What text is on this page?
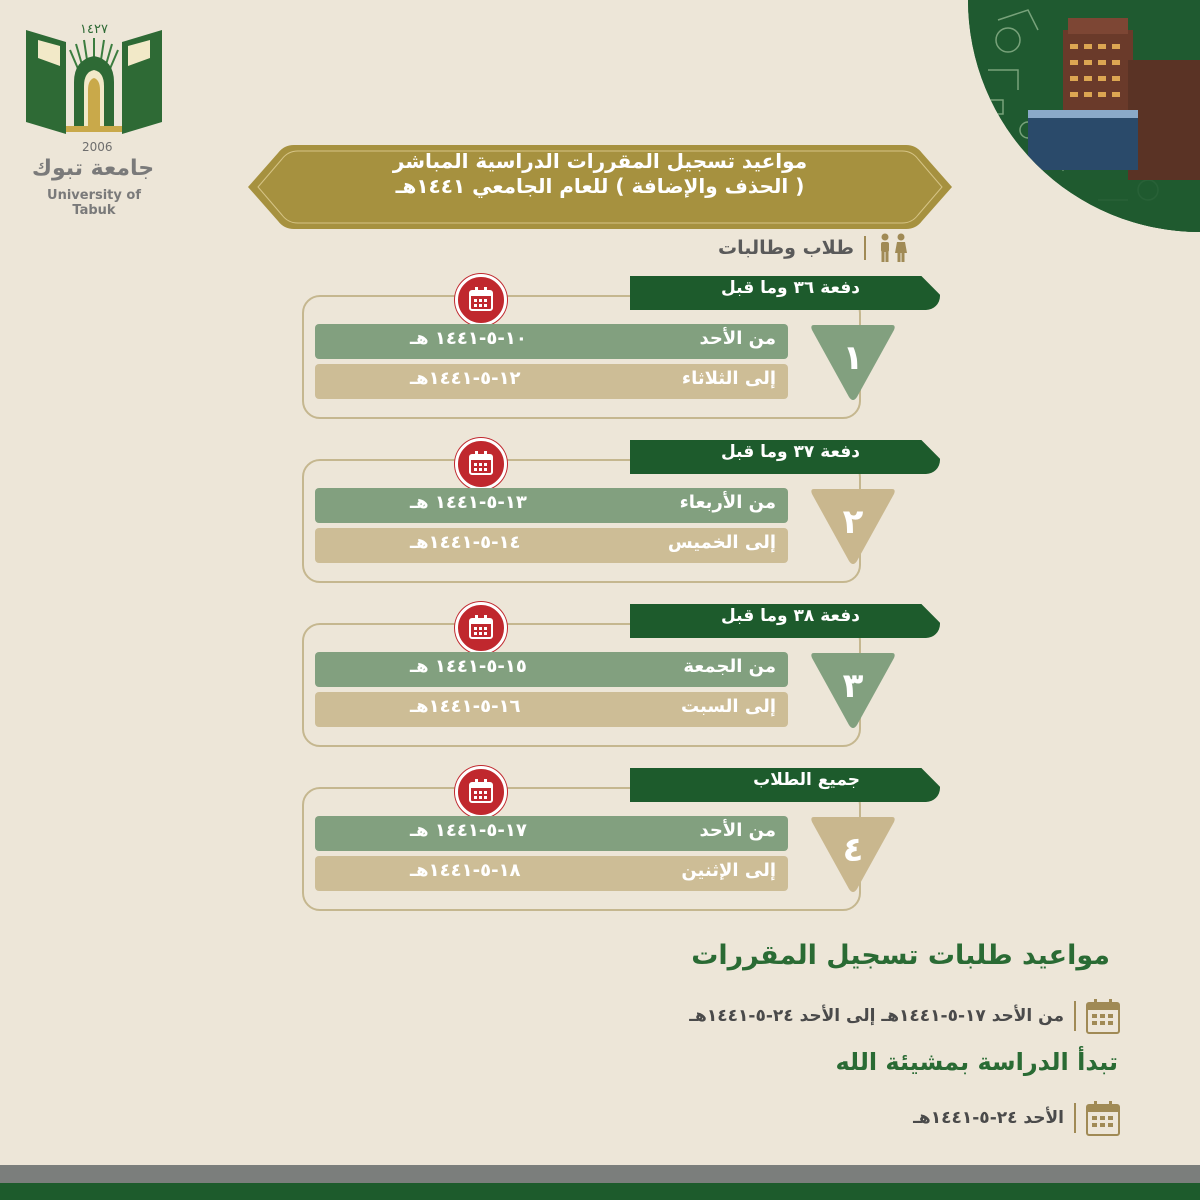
١٤٢٧
2006
جامعة تبوك
University of Tabuk
مواعيد تسجيل المقررات الدراسية المباشر
( الحذف والإضافة ) للعام الجامعي ١٤٤١هـ
طلاب وطالبات
دفعة ٣٦ وما قبل
من الأحد
١٠-٥-١٤٤١ هـ
إلى الثلاثاء
١٢-٥-١٤٤١هـ
١
دفعة ٣٧ وما قبل
من الأربعاء
١٣-٥-١٤٤١ هـ
إلى الخميس
١٤-٥-١٤٤١هـ
٢
دفعة ٣٨ وما قبل
من الجمعة
١٥-٥-١٤٤١ هـ
إلى السبت
١٦-٥-١٤٤١هـ
٣
جميع الطلاب
من الأحد
١٧-٥-١٤٤١ هـ
إلى الإثنين
١٨-٥-١٤٤١هـ
٤
مواعيد طلبات تسجيل المقررات
من الأحد ١٧-٥-١٤٤١هـ إلى الأحد ٢٤-٥-١٤٤١هـ
تبدأ الدراسة بمشيئة الله
الأحد ٢٤-٥-١٤٤١هـ
